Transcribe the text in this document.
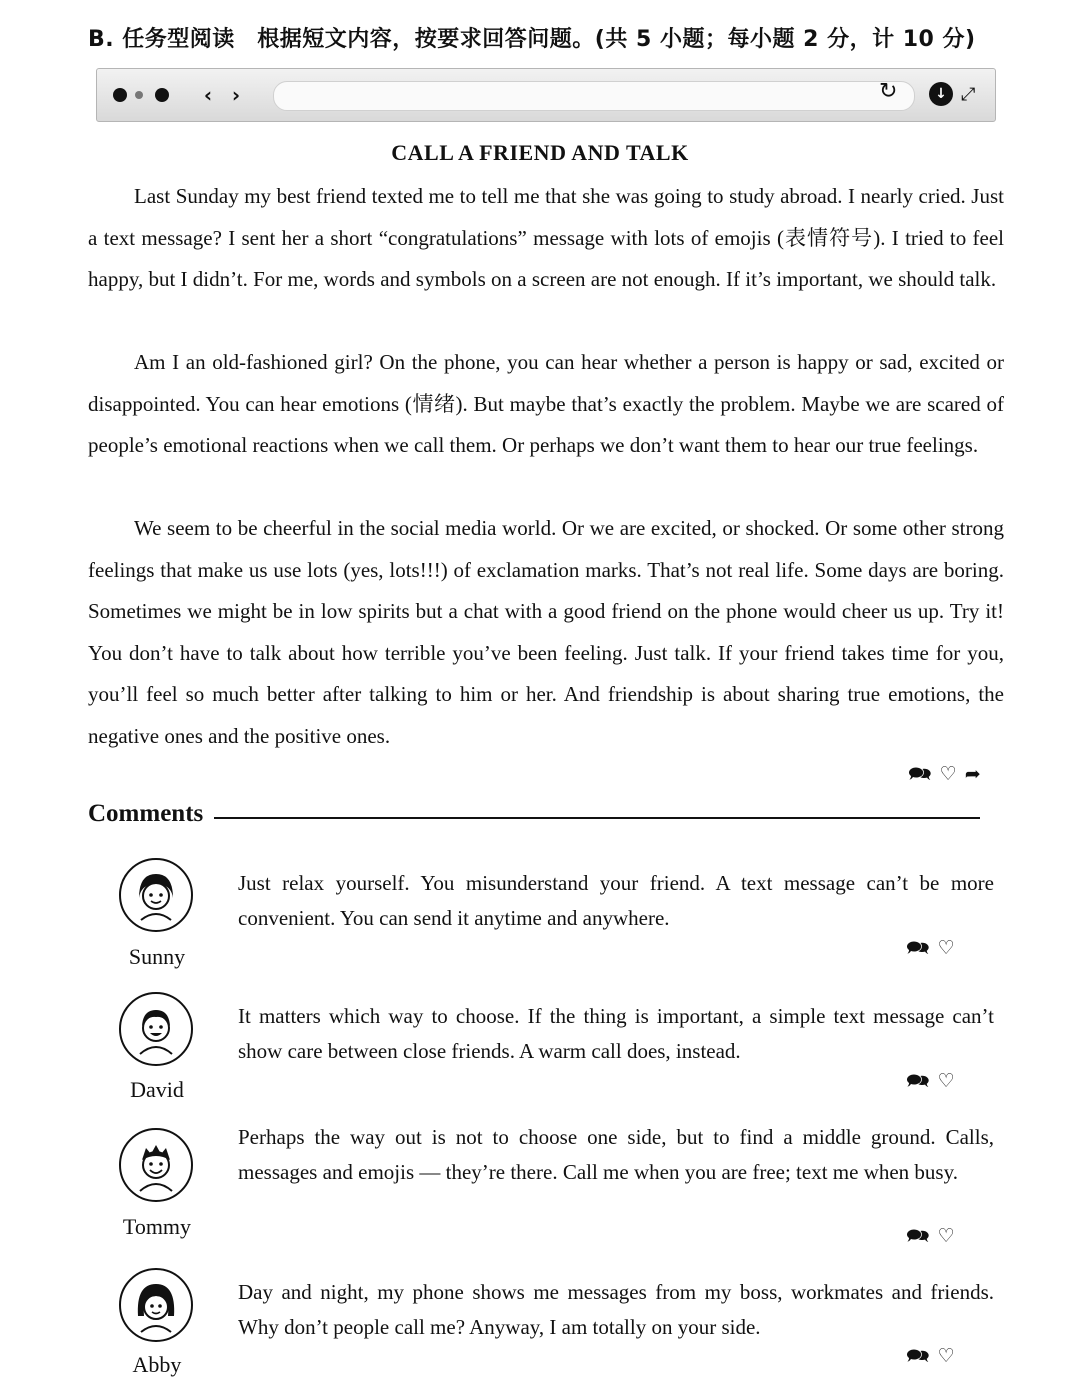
B. 任务型阅读　根据短文内容，按要求回答问题。(共 5 小题；每小题 2 分，计 10 分)
‹ ›	↻	↓ ⤢
CALL A FRIEND AND TALK

Last Sunday my best friend texted me to tell me that she was going to study abroad. I nearly cried. Just a text message? I sent her a short “congratulations” message with lots of emojis (表情符号). I tried to feel happy, but I didn’t. For me, words and symbols on a screen are not enough. If it’s important, we should talk.

Am I an old-fashioned girl? On the phone, you can hear whether a person is happy or sad, excited or disappointed. You can hear emotions (情绪). But maybe that’s exactly the problem. Maybe we are scared of people’s emotional reactions when we call them. Or perhaps we don’t want them to hear our true feelings.

We seem to be cheerful in the social media world. Or we are excited, or shocked. Or some other strong feelings that make us use lots (yes, lots!!!) of exclamation marks. That’s not real life. Some days are boring. Sometimes we might be in low spirits but a chat with a good friend on the phone would cheer us up. Try it! You don’t have to talk about how terrible you’ve been feeling. Just talk. If your friend takes time for you, you’ll feel so much better after talking to him or her. And friendship is about sharing true emotions, the negative ones and the positive ones.

🗪 ♡ ➦
Comments
Sunny

Just relax yourself. You misunderstand your friend. A text message can’t be more convenient. You can send it anytime and anywhere.

🗪 ♡
David

It matters which way to choose. If the thing is important, a simple text message can’t show care between close friends. A warm call does, instead.

🗪 ♡
Tommy

Perhaps the way out is not to choose one side, but to find a middle ground. Calls, messages and emojis — they’re there. Call me when you are free; text me when busy.

🗪 ♡
Abby

Day and night, my phone shows me messages from my boss, workmates and friends. Why don’t people call me? Anyway, I am totally on your side.

🗪 ♡
